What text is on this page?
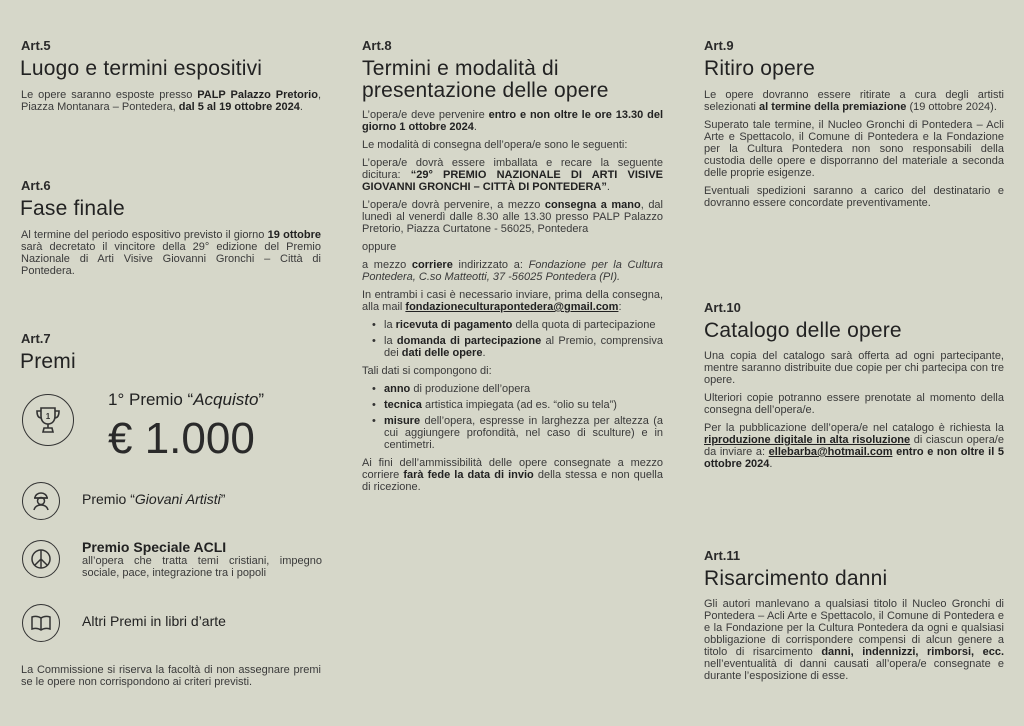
Art.5
Luogo e termini espositivi
Le opere saranno esposte presso PALP Palazzo Pretorio, Piazza Montanara – Pontedera, dal 5 al 19 ottobre 2024.
Art.6
Fase finale
Al termine del periodo espositivo previsto il giorno 19 ottobre sarà decretato il vincitore della 29° edizione del Premio Nazionale di Arti Visive Giovanni Gronchi – Città di Pontedera.
Art.7
Premi
1
1° Premio “Acquisto”
€ 1.000
Premio “Giovani Artisti”
Premio Speciale ACLI
all’opera che tratta temi cristiani, impegno sociale, pace, integrazione tra i popoli
Altri Premi in libri d’arte
La Commissione si riserva la facoltà di non assegnare premi se le opere non corrispondono ai criteri previsti.
Art.8
Termini e modalità di
presentazione delle opere
L’opera/e deve pervenire entro e non oltre le ore 13.30 del giorno 1 ottobre 2024.
Le modalità di consegna dell’opera/e sono le seguenti:
L’opera/e dovrà essere imballata e recare la seguente dicitura: “29° PREMIO NAZIONALE DI ARTI VISIVE GIOVANNI GRONCHI – CITTÀ DI PONTEDERA”.
L’opera/e dovrà pervenire, a mezzo consegna a mano, dal lunedì al venerdì dalle 8.30 alle 13.30 presso PALP Palazzo Pretorio, Piazza Curtatone - 56025, Pontedera
oppure
a mezzo corriere indirizzato a: Fondazione per la Cultura Pontedera, C.so Matteotti, 37 -56025 Pontedera (PI).
In entrambi i casi è necessario inviare, prima della consegna, alla mail fondazioneculturapontedera@gmail.com:
• la ricevuta di pagamento della quota di partecipazione
• la domanda di partecipazione al Premio, comprensiva dei dati delle opere.
Tali dati si compongono di:
• anno di produzione dell’opera
• tecnica artistica impiegata (ad es. “olio su tela”)
• misure dell’opera, espresse in larghezza per altezza (a cui aggiungere profondità, nel caso di sculture) e in centimetri.
Ai fini dell’ammissibilità delle opere consegnate a mezzo corriere farà fede la data di invio della stessa e non quella di ricezione.
Art.9
Ritiro opere
Le opere dovranno essere ritirate a cura degli artisti selezionati al termine della premiazione (19 ottobre 2024).
Superato tale termine, il Nucleo Gronchi di Pontedera – Acli Arte e Spettacolo, il Comune di Pontedera e la Fondazione per la Cultura Pontedera non sono responsabili della custodia delle opere e disporranno del materiale a seconda delle proprie esigenze.
Eventuali spedizioni saranno a carico del destinatario e dovranno essere concordate preventivamente.
Art.10
Catalogo delle opere
Una copia del catalogo sarà offerta ad ogni partecipante, mentre saranno distribuite due copie per chi partecipa con tre opere.
Ulteriori copie potranno essere prenotate al momento della consegna dell’opera/e.
Per la pubblicazione dell’opera/e nel catalogo è richiesta la riproduzione digitale in alta risoluzione di ciascun opera/e da inviare a: ellebarba@hotmail.com entro e non oltre il 5 ottobre 2024.
Art.11
Risarcimento danni
Gli autori manlevano a qualsiasi titolo il Nucleo Gronchi di Pontedera – Acli Arte e Spettacolo, il Comune di Pontedera e e la Fondazione per la Cultura Pontedera da ogni e qualsiasi obbligazione di corrispondere compensi di alcun genere a titolo di risarcimento danni, indennizzi, rimborsi, ecc. nell’eventualità di danni causati all’opera/e consegnate e durante l’esposizione di esse.
